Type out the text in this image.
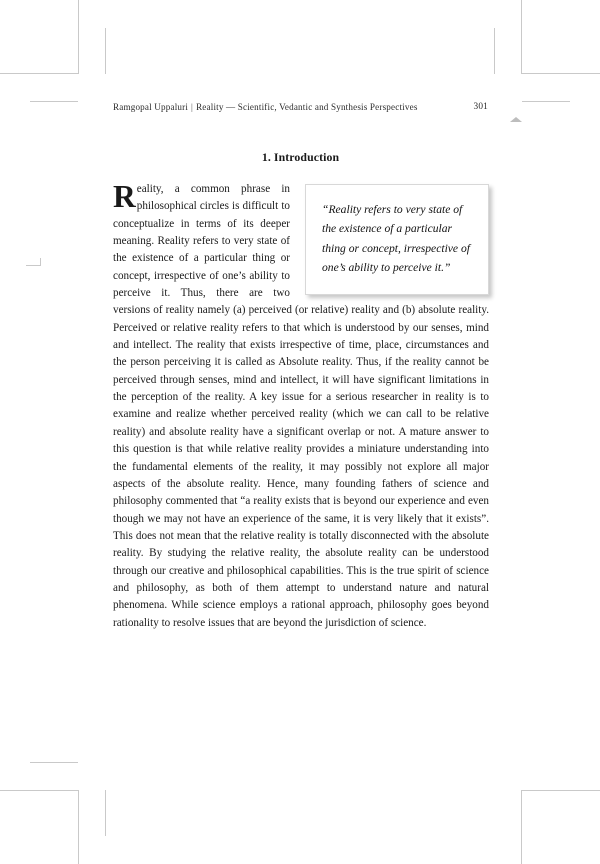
Ramgopal Uppaluri | Reality — Scientific, Vedantic and Synthesis Perspectives	301
1. Introduction

“Reality refers to very state of the existence of a particular thing or concept, irrespective of one’s ability to perceive it.”

R eality, a common phrase in philosophical circles is difficult to conceptualize in terms of its deeper meaning. Reality refers to very state of the existence of a particular thing or concept, irrespective of one’s ability to perceive it. Thus, there are two versions of reality namely (a) perceived (or relative) reality and (b) absolute reality. Perceived or relative reality refers to that which is understood by our senses, mind and intellect. The reality that exists irrespective of time, place, circumstances and the person perceiving it is called as Absolute reality. Thus, if the reality cannot be perceived through senses, mind and intellect, it will have significant limitations in the perception of the reality. A key issue for a serious researcher in reality is to examine and realize whether perceived reality (which we can call to be relative reality) and absolute reality have a significant overlap or not. A mature answer to this question is that while relative reality provides a miniature understanding into the fundamental elements of the reality, it may possibly not explore all major aspects of the absolute reality. Hence, many founding fathers of science and philosophy commented that “a reality exists that is beyond our experience and even though we may not have an experience of the same, it is very likely that it exists”. This does not mean that the relative reality is totally disconnected with the absolute reality. By studying the relative reality, the absolute reality can be understood through our creative and philosophical capabilities. This is the true spirit of science and philosophy, as both of them attempt to understand nature and natural phenomena. While science employs a rational approach, philosophy goes beyond rationality to resolve issues that are beyond the jurisdiction of science.
